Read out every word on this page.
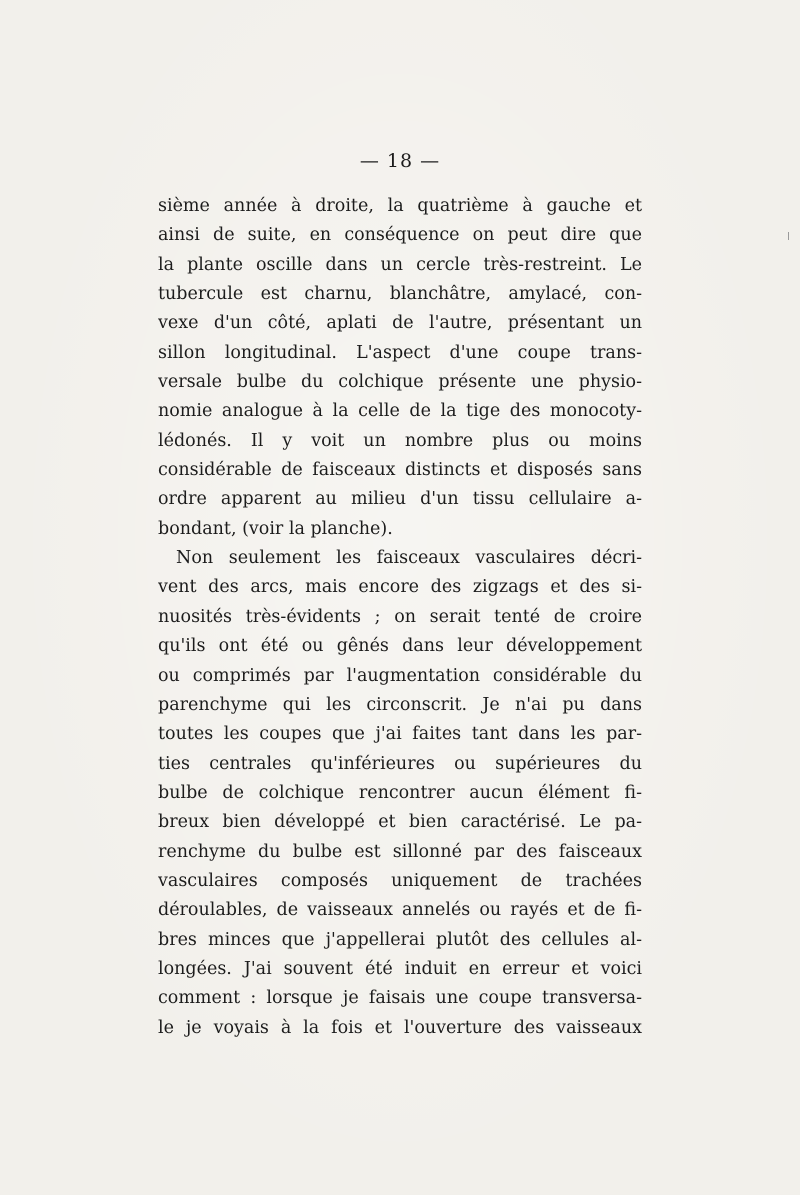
— 18 —
sième année à droite, la quatrième à gauche et
ainsi de suite, en conséquence on peut dire que
la plante oscille dans un cercle très-restreint. Le
tubercule est charnu, blanchâtre, amylacé, con-
vexe d'un côté, aplati de l'autre, présentant un
sillon longitudinal. L'aspect d'une coupe trans-
versale bulbe du colchique présente une physio-
nomie analogue à la celle de la tige des monocoty-
lédonés. Il y voit un nombre plus ou moins
considérable de faisceaux distincts et disposés sans
ordre apparent au milieu d'un tissu cellulaire a-
bondant, (voir la planche).
Non seulement les faisceaux vasculaires décri-
vent des arcs, mais encore des zigzags et des si-
nuosités très-évidents ; on serait tenté de croire
qu'ils ont été ou gênés dans leur développement
ou comprimés par l'augmentation considérable du
parenchyme qui les circonscrit. Je n'ai pu dans
toutes les coupes que j'ai faites tant dans les par-
ties centrales qu'inférieures ou supérieures du
bulbe de colchique rencontrer aucun élément fi-
breux bien développé et bien caractérisé. Le pa-
renchyme du bulbe est sillonné par des faisceaux
vasculaires composés uniquement de trachées
déroulables, de vaisseaux annelés ou rayés et de fi-
bres minces que j'appellerai plutôt des cellules al-
longées. J'ai souvent été induit en erreur et voici
comment : lorsque je faisais une coupe transversa-
le je voyais à la fois et l'ouverture des vaisseaux
